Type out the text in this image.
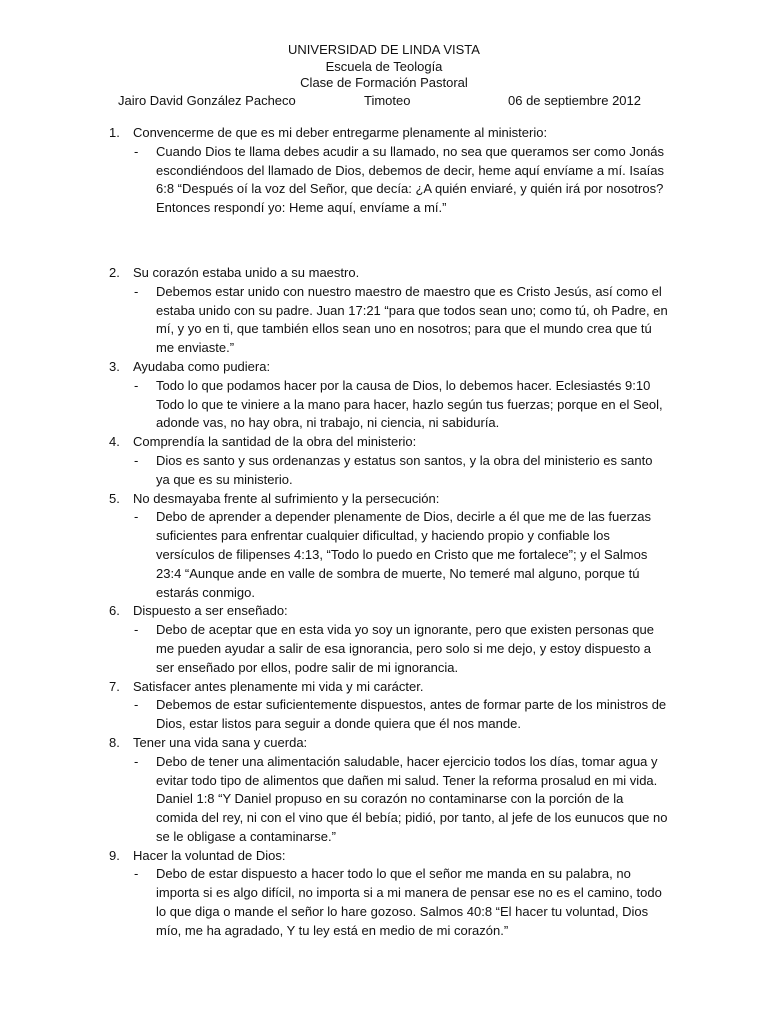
UNIVERSIDAD DE LINDA VISTA
Escuela de Teología
Clase de Formación Pastoral
Jairo David González Pacheco	Timoteo	06 de septiembre 2012
1. Convencerme de que es mi deber entregarme plenamente al ministerio:
- Cuando Dios te llama debes acudir a su llamado, no sea que queramos ser como Jonás escondiéndoos del llamado de Dios, debemos de decir, heme aquí envíame a mí. Isaías 6:8 “Después oí la voz del Señor, que decía: ¿A quién enviaré, y quién irá por nosotros? Entonces respondí yo: Heme aquí, envíame a mí.”
2. Su corazón estaba unido a su maestro.
- Debemos estar unido con nuestro maestro de maestro que es Cristo Jesús, así como el estaba unido con su padre. Juan 17:21 “para que todos sean uno; como tú, oh Padre, en mí, y yo en ti, que también ellos sean uno en nosotros; para que el mundo crea que tú me enviaste.”
3. Ayudaba como pudiera:
- Todo lo que podamos hacer por la causa de Dios, lo debemos hacer. Eclesiastés 9:10 Todo lo que te viniere a la mano para hacer, hazlo según tus fuerzas; porque en el Seol, adonde vas, no hay obra, ni trabajo, ni ciencia, ni sabiduría.
4. Comprendía la santidad de la obra del ministerio:
- Dios es santo y sus ordenanzas y estatus son santos, y la obra del ministerio es santo ya que es su ministerio.
5. No desmayaba frente al sufrimiento y la persecución:
- Debo de aprender a depender plenamente de Dios, decirle a él que me de las fuerzas suficientes para enfrentar cualquier dificultad, y haciendo propio y confiable los versículos de filipenses 4:13, “Todo lo puedo en Cristo que me fortalece”; y el Salmos 23:4 “Aunque ande en valle de sombra de muerte, No temeré mal alguno, porque tú estarás conmigo.
6. Dispuesto a ser enseñado:
- Debo de aceptar que en esta vida yo soy un ignorante, pero que existen personas que me pueden ayudar a salir de esa ignorancia, pero solo si me dejo, y estoy dispuesto a ser enseñado por ellos, podre salir de mi ignorancia.
7. Satisfacer antes plenamente mi vida y mi carácter.
- Debemos de estar suficientemente dispuestos, antes de formar parte de los ministros de Dios, estar listos para seguir a donde quiera que él nos mande.
8. Tener una vida sana y cuerda:
- Debo de tener una alimentación saludable, hacer ejercicio todos los días, tomar agua y evitar todo tipo de alimentos que dañen mi salud. Tener la reforma prosalud en mi vida. Daniel 1:8 “Y Daniel propuso en su corazón no contaminarse con la porción de la comida del rey, ni con el vino que él bebía; pidió, por tanto, al jefe de los eunucos que no se le obligase a contaminarse.”
9. Hacer la voluntad de Dios:
- Debo de estar dispuesto a hacer todo lo que el señor me manda en su palabra, no importa si es algo difícil, no importa si a mi manera de pensar ese no es el camino, todo lo que diga o mande el señor lo hare gozoso. Salmos 40:8 “El hacer tu voluntad, Dios mío, me ha agradado, Y tu ley está en medio de mi corazón.”
